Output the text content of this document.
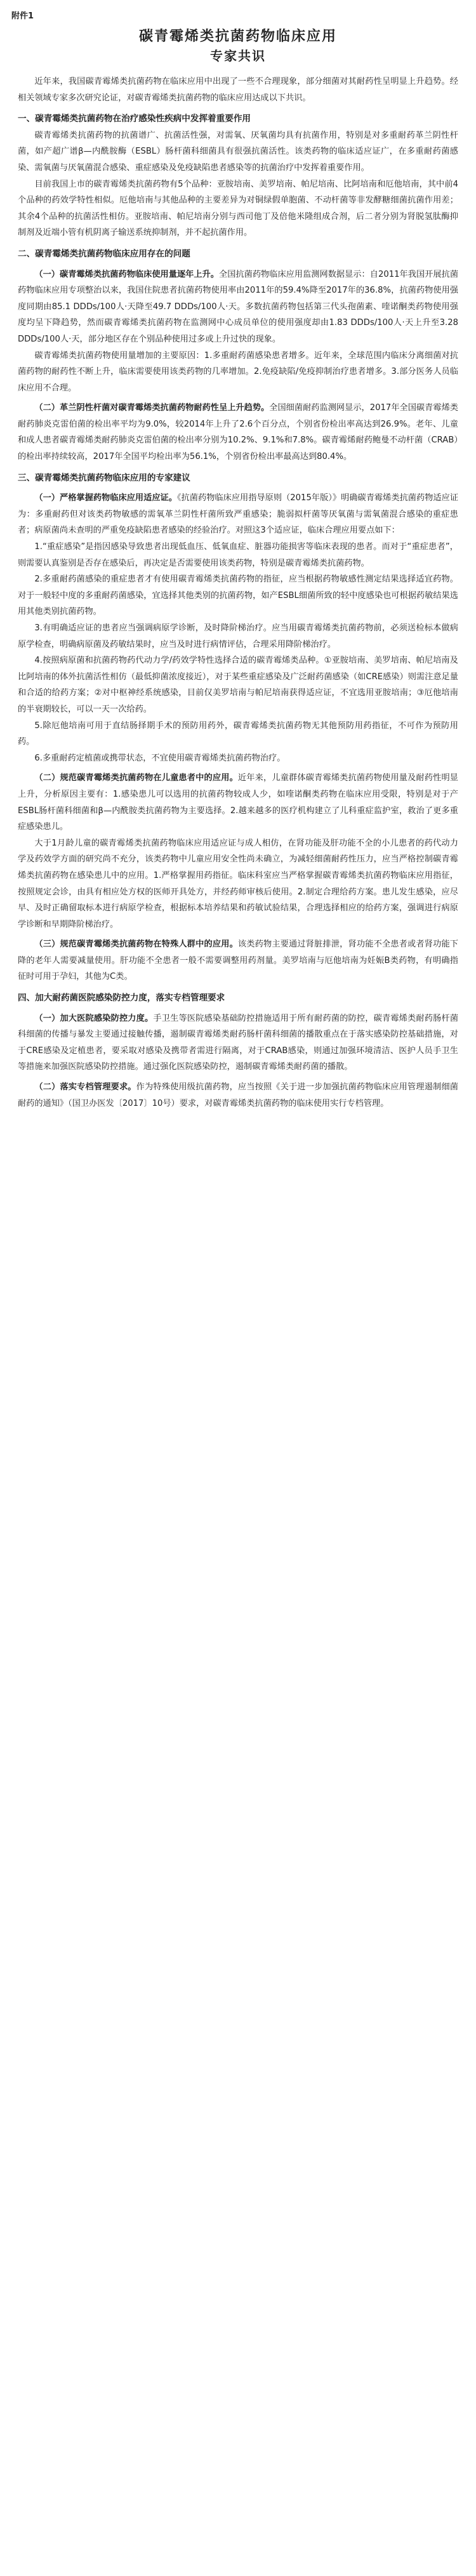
附件1
碳青霉烯类抗菌药物临床应用
专家共识
近年来，我国碳青霉烯类抗菌药物在临床应用中出现了一些不合理现象，部分细菌对其耐药性呈明显上升趋势。经相关领域专家多次研究论证，对碳青霉烯类抗菌药物的临床应用达成以下共识。
一、碳青霉烯类抗菌药物在治疗感染性疾病中发挥着重要作用
碳青霉烯类抗菌药物的抗菌谱广、抗菌活性强，对需氧、厌氧菌均具有抗菌作用，特别是对多重耐药革兰阴性杆菌，如产超广谱β—内酰胺酶（ESBL）肠杆菌科细菌具有很强抗菌活性。该类药物的临床适应证广，在多重耐药菌感染、需氧菌与厌氧菌混合感染、重症感染及免疫缺陷患者感染等的抗菌治疗中发挥着重要作用。
目前我国上市的碳青霉烯类抗菌药物有5个品种：亚胺培南、美罗培南、帕尼培南、比阿培南和厄他培南，其中前4个品种的药效学特性相似。厄他培南与其他品种的主要差异为对铜绿假单胞菌、不动杆菌等非发酵糖细菌抗菌作用差；其余4个品种的抗菌活性相仿。亚胺培南、帕尼培南分别与西司他丁及倍他米隆组成合剂，后二者分别为肾脱氢肽酶抑制剂及近端小管有机阴离子输送系统抑制剂，并不起抗菌作用。
二、碳青霉烯类抗菌药物临床应用存在的问题
（一）碳青霉烯类抗菌药物临床使用量逐年上升。全国抗菌药物临床应用监测网数据显示：自2011年我国开展抗菌药物临床应用专项整治以来，我国住院患者抗菌药物使用率由2011年的59.4%降至2017年的36.8%，抗菌药物使用强度同期由85.1 DDDs/100人·天降至49.7 DDDs/100人·天。多数抗菌药物包括第三代头孢菌素、喹诺酮类药物使用强度均呈下降趋势，然而碳青霉烯类抗菌药物在监测网中心成员单位的使用强度却由1.83 DDDs/100人·天上升至3.28 DDDs/100人·天，部分地区存在个别品种使用过多或上升过快的现象。
碳青霉烯类抗菌药物使用量增加的主要原因：1.多重耐药菌感染患者增多。近年来，全球范围内临床分离细菌对抗菌药物的耐药性不断上升，临床需要使用该类药物的几率增加。2.免疫缺陷/免疫抑制治疗患者增多。3.部分医务人员临床应用不合理。
（二）革兰阴性杆菌对碳青霉烯类抗菌药物耐药性呈上升趋势。全国细菌耐药监测网显示，2017年全国碳青霉烯类耐药肺炎克雷伯菌的检出率平均为9.0%，较2014年上升了2.6个百分点，个别省份检出率高达到26.9%。老年、儿童和成人患者碳青霉烯类耐药肺炎克雷伯菌的检出率分别为10.2%、9.1%和7.8%。碳青霉烯耐药鲍曼不动杆菌（CRAB）的检出率持续较高，2017年全国平均检出率为56.1%，个别省份检出率最高达到80.4%。
三、碳青霉烯类抗菌药物临床应用的专家建议
（一）严格掌握药物临床应用适应证。《抗菌药物临床应用指导原则（2015年版）》明确碳青霉烯类抗菌药物适应证为：多重耐药但对该类药物敏感的需氧革兰阴性杆菌所致严重感染；脆弱拟杆菌等厌氧菌与需氧菌混合感染的重症患者；病原菌尚未查明的严重免疫缺陷患者感染的经验治疗。对照这3个适应证，临床合理应用要点如下：
1.“重症感染”是指因感染导致患者出现低血压、低氧血症、脏器功能损害等临床表现的患者。而对于“重症患者”，则需要认真鉴别是否存在感染后，再决定是否需要使用该类药物，特别是碳青霉烯类抗菌药物。
2.多重耐药菌感染的重症患者才有使用碳青霉烯类抗菌药物的指征，应当根据药物敏感性测定结果选择适宜药物。对于一般轻中度的多重耐药菌感染，宜选择其他类别的抗菌药物，如产ESBL细菌所致的轻中度感染也可根据药敏结果选用其他类别抗菌药物。
3.有明确适应证的患者应当强调病原学诊断，及时降阶梯治疗。应当用碳青霉烯类抗菌药物前，必须送检标本做病原学检查，明确病原菌及药敏结果时，应当及时进行病情评估，合理采用降阶梯治疗。
4.按照病原菌和抗菌药物药代动力学/药效学特性选择合适的碳青霉烯类品种。①亚胺培南、美罗培南、帕尼培南及比阿培南的体外抗菌活性相仿（最低抑菌浓度接近），对于某些重症感染及广泛耐药菌感染（如CRE感染）则需注意足量和合适的给药方案；②对中枢神经系统感染，目前仅美罗培南与帕尼培南获得适应证，不宜选用亚胺培南；③厄他培南的半衰期较长，可以一天一次给药。
5.除厄他培南可用于直结肠择期手术的预防用药外，碳青霉烯类抗菌药物无其他预防用药指征，不可作为预防用药。
6.多重耐药定植菌或携带状态，不宜使用碳青霉烯类抗菌药物治疗。
（二）规范碳青霉烯类抗菌药物在儿童患者中的应用。近年来，儿童群体碳青霉烯类抗菌药物使用量及耐药性明显上升，分析原因主要有：1.感染患儿可以选用的抗菌药物较成人少，如喹诺酮类药物在临床应用受限，特别是对于产ESBL肠杆菌科细菌和β—内酰胺类抗菌药物为主要选择。2.越来越多的医疗机构建立了儿科重症监护室，救治了更多重症感染患儿。
大于1月龄儿童的碳青霉烯类抗菌药物临床应用适应证与成人相仿，在肾功能及肝功能不全的小儿患者的药代动力学及药效学方面的研究尚不充分，该类药物中儿童应用安全性尚未确立，为减轻细菌耐药性压力，应当严格控制碳青霉烯类抗菌药物在感染患儿中的应用。1.严格掌握用药指征。临床科室应当严格掌握碳青霉烯类抗菌药物临床应用指征，按照规定会诊，由具有相应处方权的医师开具处方，并经药师审核后使用。2.制定合理给药方案。患儿发生感染，应尽早、及时正确留取标本进行病原学检查，根据标本培养结果和药敏试验结果，合理选择相应的给药方案，强调进行病原学诊断和早期降阶梯治疗。
（三）规范碳青霉烯类抗菌药物在特殊人群中的应用。该类药物主要通过肾脏排泄，肾功能不全患者或者肾功能下降的老年人需要减量使用。肝功能不全患者一般不需要调整用药剂量。美罗培南与厄他培南为妊娠B类药物，有明确指征时可用于孕妇，其他为C类。
四、加大耐药菌医院感染防控力度，落实专档管理要求
（一）加大医院感染防控力度。手卫生等医院感染基础防控措施适用于所有耐药菌的防控，碳青霉烯类耐药肠杆菌科细菌的传播与暴发主要通过接触传播，遏制碳青霉烯类耐药肠杆菌科细菌的播散重点在于落实感染防控基础措施，对于CRE感染及定植患者，要采取对感染及携带者需进行隔离，对于CRAB感染，则通过加强环境清洁、医护人员手卫生等措施来加强医院感染防控措施。通过强化医院感染防控，遏制碳青霉烯类耐药菌的播散。
（二）落实专档管理要求。作为特殊使用级抗菌药物，应当按照《关于进一步加强抗菌药物临床应用管理遏制细菌耐药的通知》（国卫办医发〔2017〕10号）要求，对碳青霉烯类抗菌药物的临床使用实行专档管理。
